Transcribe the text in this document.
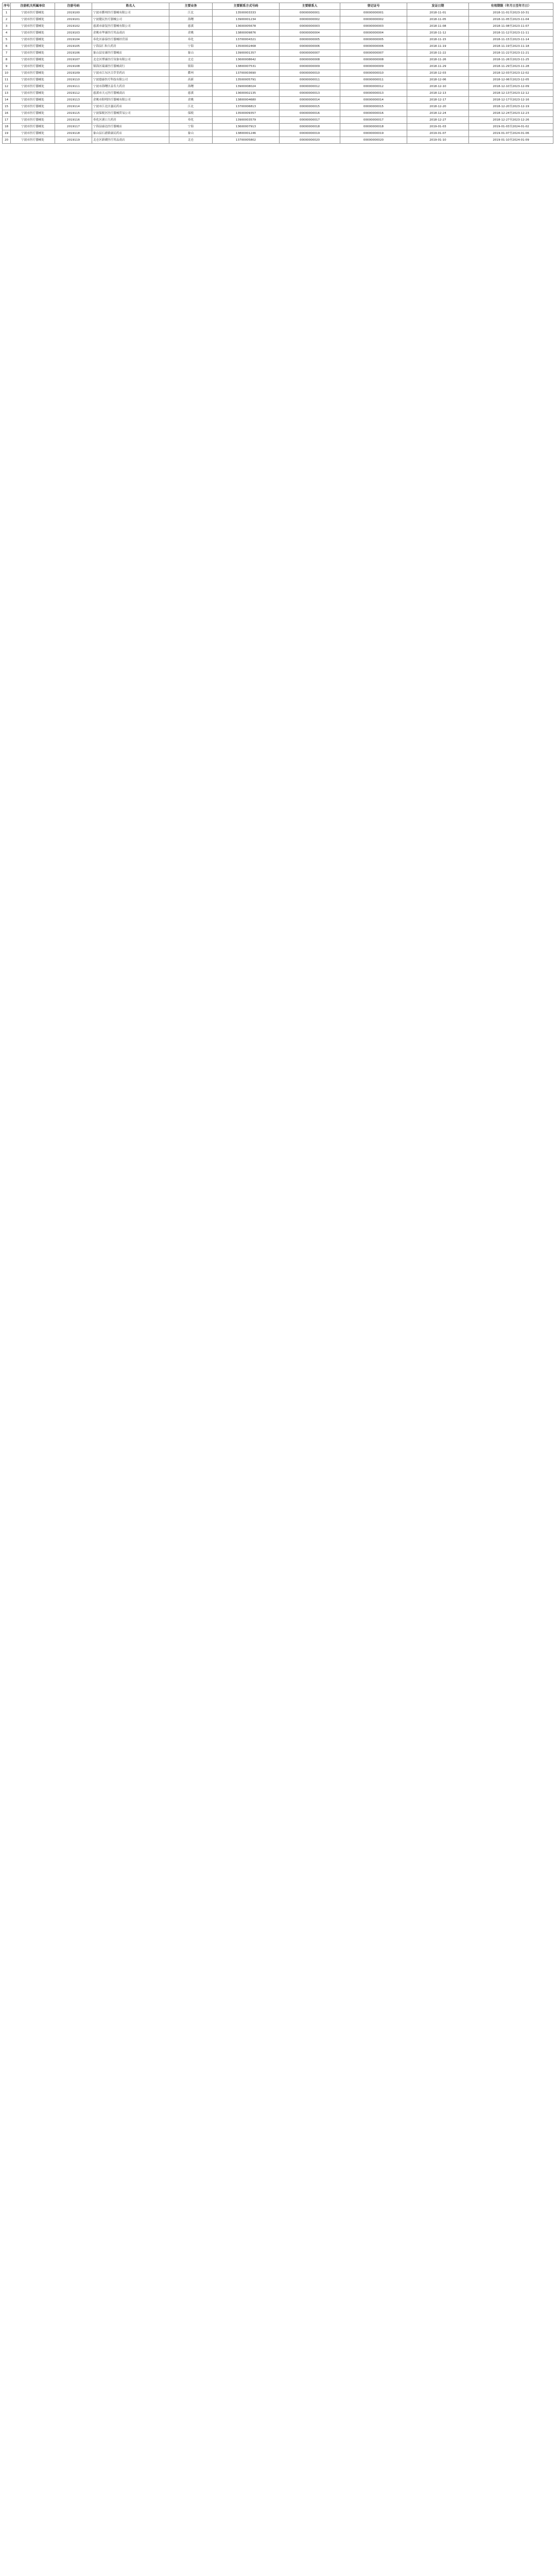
序号	注册机关所属单位	注册号码	姓名人	主要业务	主要联系方式号码	主要联系人	登记证号	发证日期	有效期限（年月日至年月日）
1	宁波市医疗器械处	2019100	宁波市鄞州医疗器械有限公司	江北	13500003333	00000000001	00000000001	2018-11-01	2018-11-01至2023-10-31
2	宁波市医疗器械处	2019101	宁波健民医疗器械公司	海曙	13900001234	00000000002	00000000002	2018-11-05	2018-11-05至2023-11-04
3	宁波市医疗器械处	2019102	慈溪市康复医疗器械有限公司	慈溪	13600005678	00000000003	00000000003	2018-11-08	2018-11-08至2023-11-07
4	宁波市医疗器械处	2019103	余姚市华康医疗用品商店	余姚	13800009876	00000000004	00000000004	2018-11-12	2018-11-12至2023-11-11
5	宁波市医疗器械处	2019104	奉化区康泰医疗器械经营部	奉化	13700004321	00000000005	00000000005	2018-11-15	2018-11-15至2023-11-14
6	宁波市医疗器械处	2019105	宁海县仁和大药房	宁海	13500002468	00000000006	00000000006	2018-11-19	2018-11-19至2023-11-18
7	宁波市医疗器械处	2019106	象山县安康医疗器械店	象山	13900001357	00000000007	00000000007	2018-11-22	2018-11-22至2023-11-21
8	宁波市医疗器械处	2019107	北仑区博康医疗设备有限公司	北仑	13600008642	00000000008	00000000008	2018-11-26	2018-11-26至2023-11-25
9	宁波市医疗器械处	2019108	镇海区瑞康医疗器械商行	镇海	13800007531	00000000009	00000000009	2018-11-29	2018-11-29至2023-11-28
10	宁波市医疗器械处	2019109	宁波市江东区百草堂药店	鄞州	13700003690	00000000010	00000000010	2018-12-03	2018-12-03至2023-12-02
11	宁波市医疗器械处	2019110	宁波德康医疗科技有限公司	高新	13500005791	00000000011	00000000011	2018-12-06	2018-12-06至2023-12-05
12	宁波市医疗器械处	2019111	宁波市海曙区益寿大药房	海曙	13900008024	00000000012	00000000012	2018-12-10	2018-12-10至2023-12-09
13	宁波市医疗器械处	2019112	慈溪市天元医疗器械商店	慈溪	13600002135	00000000013	00000000013	2018-12-13	2018-12-13至2023-12-12
14	宁波市医疗器械处	2019113	余姚市阳明医疗器械有限公司	余姚	13800004680	00000000014	00000000014	2018-12-17	2018-12-17至2023-12-16
15	宁波市医疗器械处	2019114	宁波市江北区惠民药店	江北	13700006813	00000000015	00000000015	2018-12-20	2018-12-20至2023-12-19
16	宁波市医疗器械处	2019115	宁波保税区医疗器械贸易公司	保税	13500009357	00000000016	00000000016	2018-12-24	2018-12-24至2023-12-23
17	宁波市医疗器械处	2019116	奉化区溪口大药房	奉化	13900003579	00000000017	00000000017	2018-12-27	2018-12-27至2023-12-26
18	宁波市医疗器械处	2019117	宁海县康达医疗器械店	宁海	13600007913	00000000018	00000000018	2019-01-03	2019-01-03至2024-01-02
19	宁波市医疗器械处	2019118	象山县石浦镇康民药店	象山	13800001246	00000000019	00000000019	2019-01-07	2019-01-07至2024-01-06
20	宁波市医疗器械处	2019119	北仑区新碶医疗用品商店	北仑	13700005802	00000000020	00000000020	2019-01-10	2019-01-10至2024-01-09
